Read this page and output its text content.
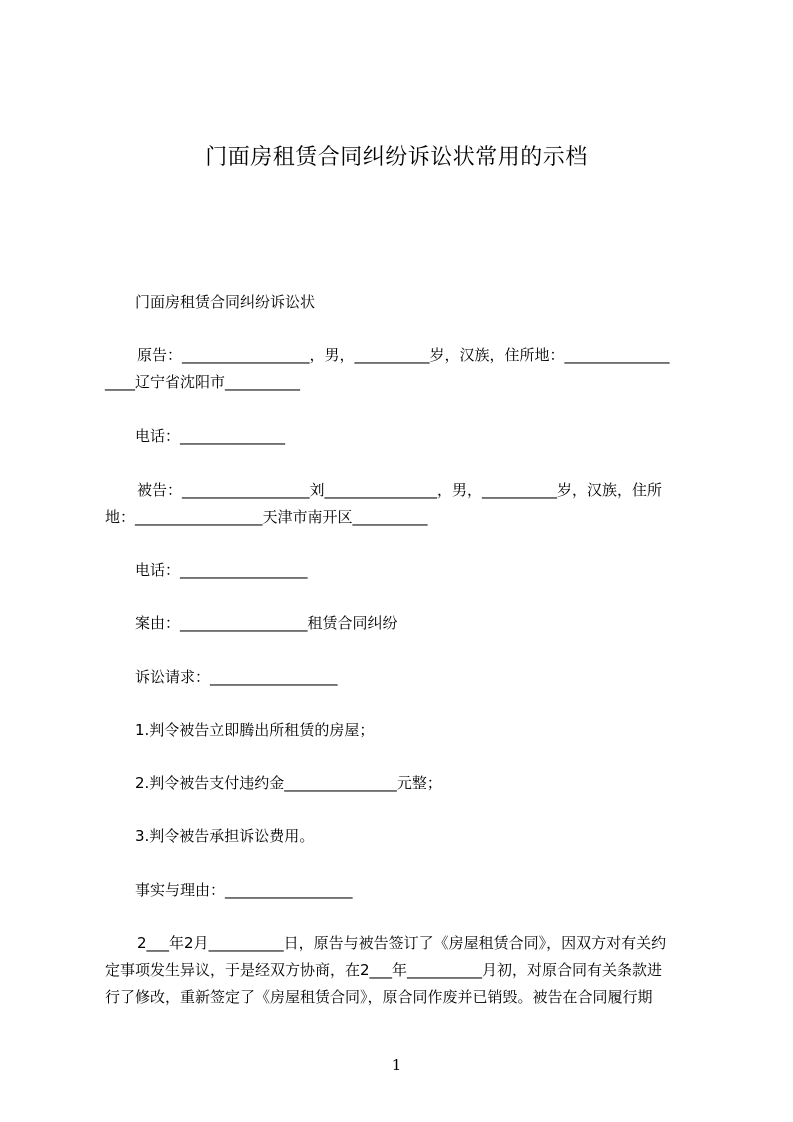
门面房租赁合同纠纷诉讼状常用的示档
门面房租赁合同纠纷诉讼状
原告：_________________，男，__________岁，汉族，住所地：______________
____辽宁省沈阳市__________
电话：______________
被告：_________________刘_______________，男，__________岁，汉族，住所
地：_________________天津市南开区__________
电话：_________________
案由：_________________租赁合同纠纷
诉讼请求：_________________
1.判令被告立即腾出所租赁的房屋；
2.判令被告支付违约金_______________元整；
3.判令被告承担诉讼费用。
事实与理由：_________________
2___年2月__________日，原告与被告签订了《房屋租赁合同》，因双方对有关约
定事项发生异议，于是经双方协商，在2___年__________月初，对原合同有关条款进
行了修改，重新签定了《房屋租赁合同》，原合同作废并已销毁。被告在合同履行期
1
